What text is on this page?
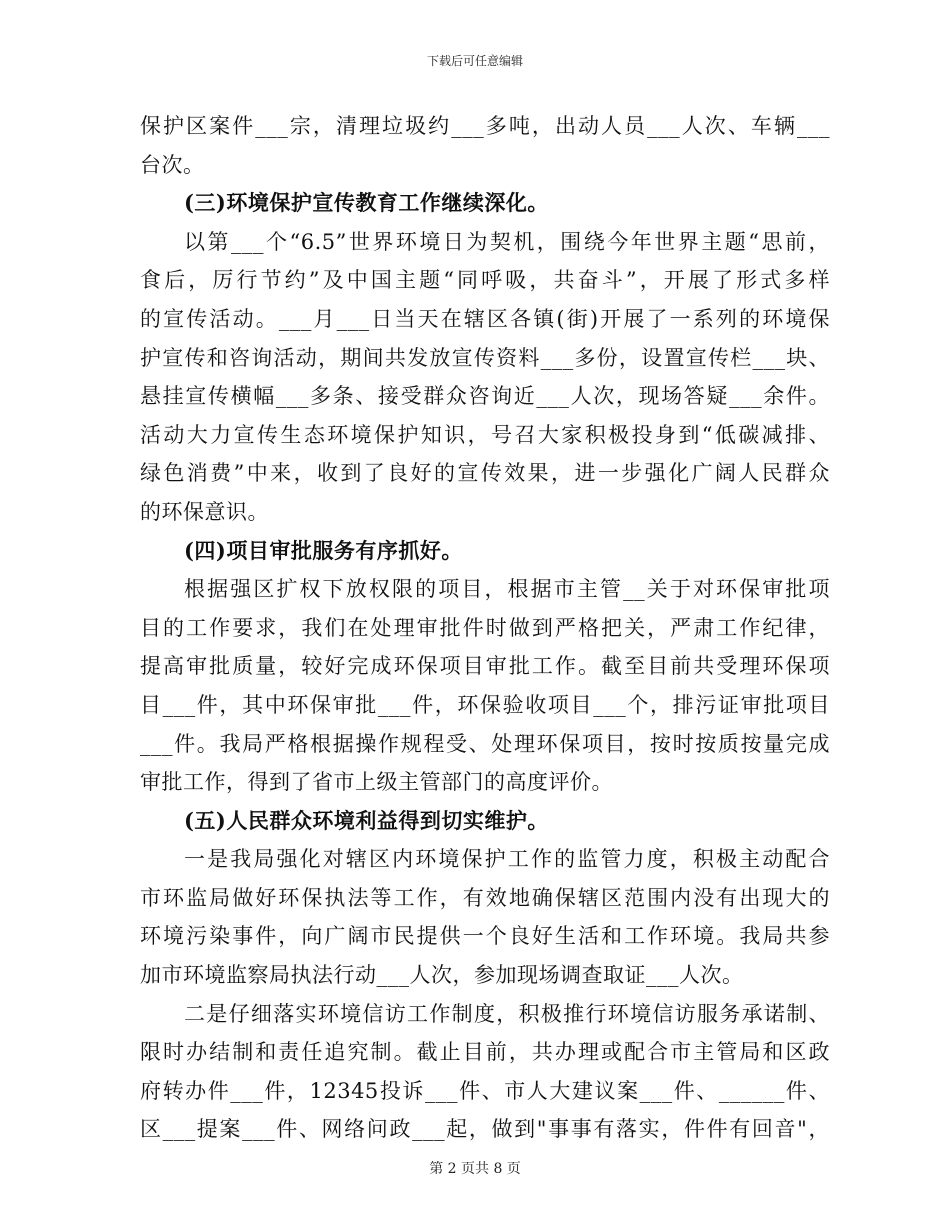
下载后可任意编辑
保护区案件___宗，清理垃圾约___多吨，出动人员___人次、车辆___
台次。
(三)环境保护宣传教育工作继续深化。
以第___个“6.5”世界环境日为契机，围绕今年世界主题“思前，
食后，厉行节约”及中国主题“同呼吸，共奋斗”，开展了形式多样
的宣传活动。___月___日当天在辖区各镇(街)开展了一系列的环境保
护宣传和咨询活动，期间共发放宣传资料___多份，设置宣传栏___块、
悬挂宣传横幅___多条、接受群众咨询近___人次，现场答疑___余件。
活动大力宣传生态环境保护知识，号召大家积极投身到“低碳减排、
绿色消费”中来，收到了良好的宣传效果，进一步强化广阔人民群众
的环保意识。
(四)项目审批服务有序抓好。
根据强区扩权下放权限的项目，根据市主管__关于对环保审批项
目的工作要求，我们在处理审批件时做到严格把关，严肃工作纪律，
提高审批质量，较好完成环保项目审批工作。截至目前共受理环保项
目___件，其中环保审批___件，环保验收项目___个，排污证审批项目
___件。我局严格根据操作规程受、处理环保项目，按时按质按量完成
审批工作，得到了省市上级主管部门的高度评价。
(五)人民群众环境利益得到切实维护。
一是我局强化对辖区内环境保护工作的监管力度，积极主动配合
市环监局做好环保执法等工作，有效地确保辖区范围内没有出现大的
环境污染事件，向广阔市民提供一个良好生活和工作环境。我局共参
加市环境监察局执法行动___人次，参加现场调查取证___人次。
二是仔细落实环境信访工作制度，积极推行环境信访服务承诺制、
限时办结制和责任追究制。截止目前，共办理或配合市主管局和区政
府转办件___件，12345投诉___件、市人大建议案___件、______件、
区___提案___件、网络问政___起，做到"事事有落实，件件有回音"，
第 2 页共 8 页
